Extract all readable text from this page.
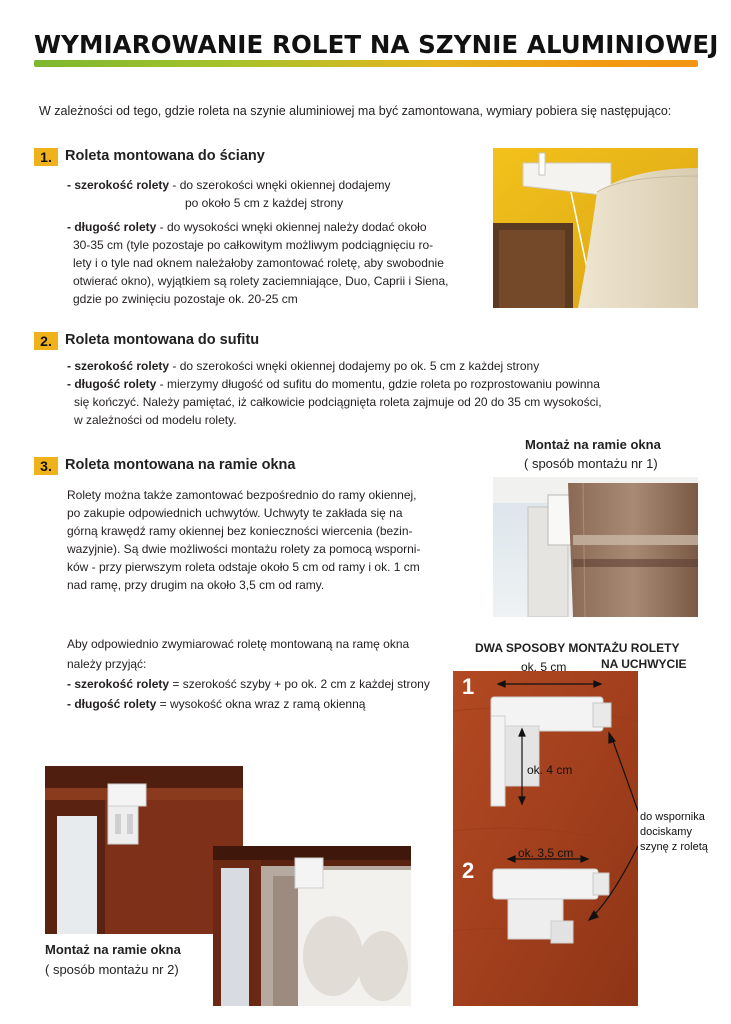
WYMIAROWANIE ROLET NA SZYNIE ALUMINIOWEJ
W zależności od tego, gdzie roleta na szynie aluminiowej ma być zamontowana, wymiary pobiera się następująco:
1. Roleta montowana do ściany
- szerokość rolety - do szerokości wnęki okiennej dodajemy
po około 5 cm z każdej strony
- długość rolety - do wysokości wnęki okiennej należy dodać około
30-35 cm (tyle pozostaje po całkowitym możliwym podciągnięciu ro-
lety i o tyle nad oknem należałoby zamontować roletę, aby swobodnie
otwierać okno), wyjątkiem są rolety zaciemniające, Duo, Caprii i Siena,
gdzie po zwinięciu pozostaje ok. 20-25 cm
2. Roleta montowana do sufitu
- szerokość rolety - do szerokości wnęki okiennej dodajemy po ok. 5 cm z każdej strony
- długość rolety - mierzymy długość od sufitu do momentu, gdzie roleta po rozprostowaniu powinna
się kończyć. Należy pamiętać, iż całkowicie podciągnięta roleta zajmuje od 20 do 35 cm wysokości,
w zależności od modelu rolety.
Montaż na ramie okna
( sposób montażu nr 1)
3. Roleta montowana na ramie okna
Rolety można także zamontować bezpośrednio do ramy okiennej,
po zakupie odpowiednich uchwytów. Uchwyty te zakłada się na
górną krawędź ramy okiennej bez konieczności wiercenia (bezin-
wazyjnie). Są dwie możliwości montażu rolety za pomocą wsporni-
ków - przy pierwszym roleta odstaje około 5 cm od ramy i ok. 1 cm
nad ramę, przy drugim na około 3,5 cm od ramy.
Aby odpowiednio zwymiarować roletę montowaną na ramę okna
należy przyjąć:
- szerokość rolety = szerokość szyby + po ok. 2 cm z każdej strony
- długość rolety = wysokość okna wraz z ramą okienną
DWA SPOSOBY MONTAŻU ROLETY
NA UCHWYCIE
1
2
ok. 5 cm
ok. 4 cm
ok. 3,5 cm
do wspornika
dociskamy
szynę z roletą
Montaż na ramie okna
( sposób montażu nr 2)
